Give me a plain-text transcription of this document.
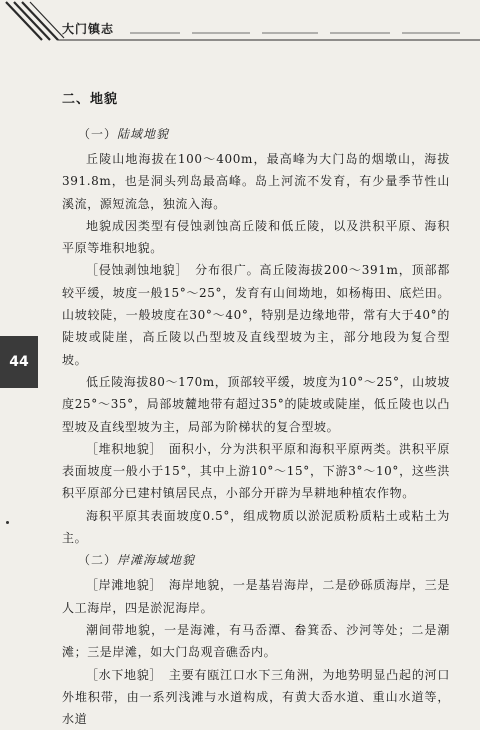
大门镇志
44
二、地貌
（一）陆域地貌

丘陵山地海拔在100～400m，最高峰为大门岛的烟墩山，海拔391.8m，也是洞头列岛最高峰。岛上河流不发育，有少量季节性山溪流，源短流急，独流入海。

地貌成因类型有侵蚀剥蚀高丘陵和低丘陵，以及洪积平原、海积平原等堆积地貌。

［侵蚀剥蚀地貌］  分布很广。高丘陵海拔200～391m，顶部都较平缓，坡度一般15°～25°，发育有山间坳地，如杨梅田、底烂田。山坡较陡，一般坡度在30°～40°，特别是边缘地带，常有大于40°的陡坡或陡崖，高丘陵以凸型坡及直线型坡为主，部分地段为复合型坡。

低丘陵海拔80～170m，顶部较平缓，坡度为10°～25°，山坡坡度25°～35°，局部坡麓地带有超过35°的陡坡或陡崖，低丘陵也以凸型坡及直线型坡为主，局部为阶梯状的复合型坡。

［堆积地貌］  面积小，分为洪积平原和海积平原两类。洪积平原表面坡度一般小于15°，其中上游10°～15°，下游3°～10°，这些洪积平原部分已建村镇居民点，小部分开辟为旱耕地种植农作物。

海积平原其表面坡度0.5°，组成物质以淤泥质粉质粘土或粘土为主。

（二）岸滩海域地貌

［岸滩地貌］  海岸地貌，一是基岩海岸，二是砂砾质海岸，三是人工海岸，四是淤泥海岸。

潮间带地貌，一是海滩，有马岙潭、畚箕岙、沙河等处；二是潮滩；三是岸滩，如大门岛观音礁岙内。

［水下地貌］  主要有瓯江口水下三角洲，为地势明显凸起的河口外堆积带，由一系列浅滩与水道构成，有黄大岙水道、重山水道等，水道
